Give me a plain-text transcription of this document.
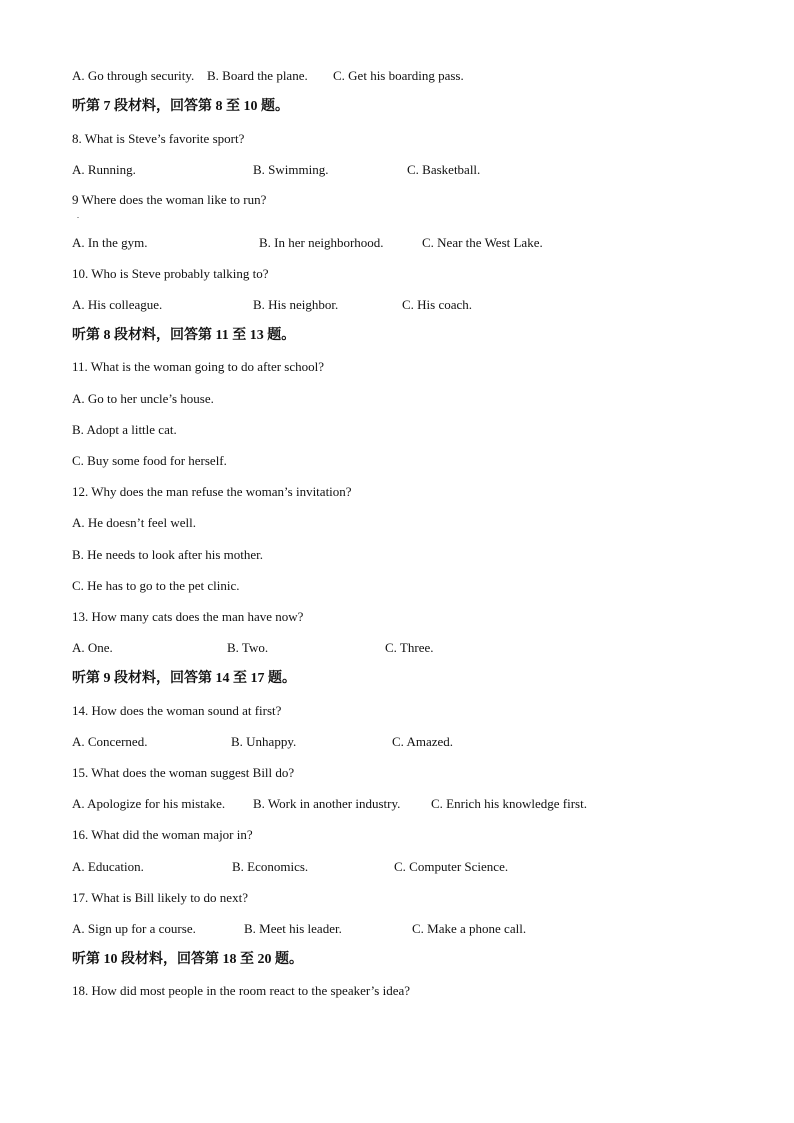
A. Go through security. B. Board the plane. C. Get his boarding pass.
听第 7 段材料，回答第 8 至 10 题。
8. What is Steve’s favorite sport?
A. Running.	B. Swimming.	C. Basketball.
9 Where does the woman like to run?
.
A. In the gym.	B. In her neighborhood.	C. Near the West Lake.
10. Who is Steve probably talking to?
A. His colleague.	B. His neighbor.	C. His coach.
听第 8 段材料，回答第 11 至 13 题。
11. What is the woman going to do after school?
A. Go to her uncle’s house.
B. Adopt a little cat.
C. Buy some food for herself.
12. Why does the man refuse the woman’s invitation?
A. He doesn’t feel well.
B. He needs to look after his mother.
C. He has to go to the pet clinic.
13. How many cats does the man have now?
A. One.	B. Two.	C. Three.
听第 9 段材料，回答第 14 至 17 题。
14. How does the woman sound at first?
A. Concerned.	B. Unhappy.	C. Amazed.
15. What does the woman suggest Bill do?
A. Apologize for his mistake. B. Work in another industry. C. Enrich his knowledge first.
16. What did the woman major in?
A. Education.	B. Economics.	C. Computer Science.
17. What is Bill likely to do next?
A. Sign up for a course.	B. Meet his leader.	C. Make a phone call.
听第 10 段材料，回答第 18 至 20 题。
18. How did most people in the room react to the speaker’s idea?
